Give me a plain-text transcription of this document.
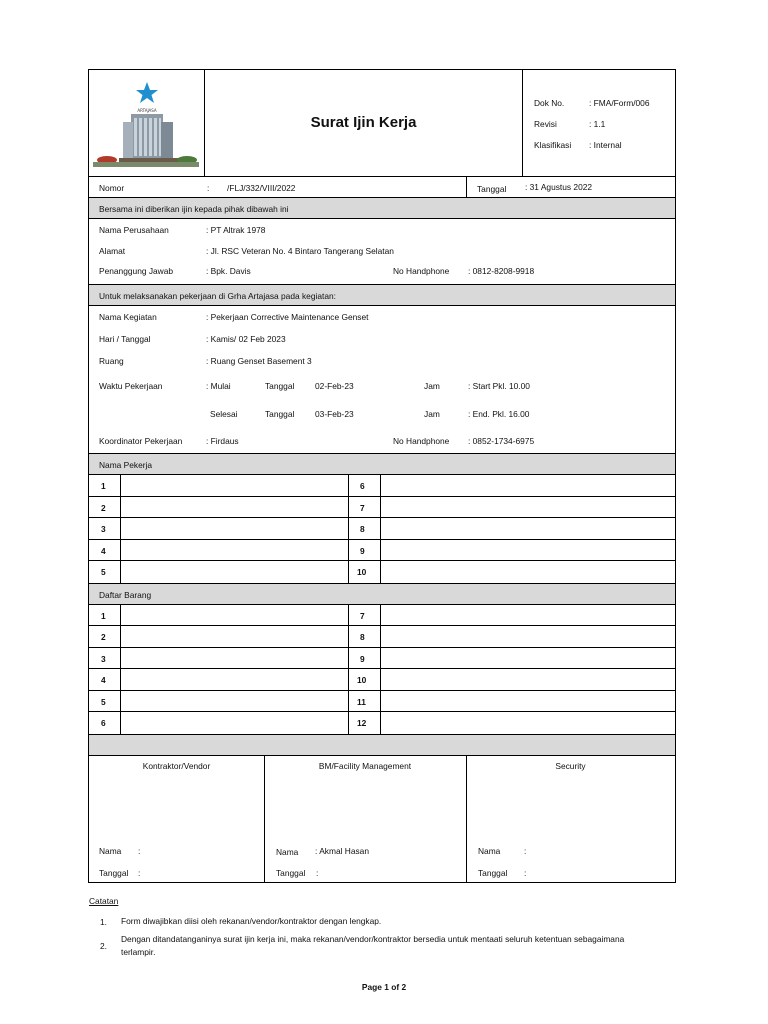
ARTAJASA
Surat Ijin Kerja
Dok No.	: FMA/Form/006
Revisi	: 1.1
Klasifikasi : Internal
Nomor	: /FLJ/332/VIII/2022	Tanggal : 31 Agustus 2022
Bersama ini diberikan ijin kepada pihak dibawah ini
Nama Perusahaan	: PT Altrak 1978
Alamat	: Jl. RSC Veteran No. 4 Bintaro Tangerang Selatan
Penanggung Jawab	: Bpk. Davis	No Handphone : 0812-8208-9918
Untuk melaksanakan pekerjaan di Grha Artajasa pada kegiatan:
Nama Kegiatan	: Pekerjaan Corrective Maintenance Genset
Hari / Tanggal	: Kamis/ 02 Feb 2023
Ruang	: Ruang Genset Basement 3
Waktu Pekerjaan	: Mulai	Tanggal 02-Feb-23	Jam	: Start Pkl. 10.00
Selesai	Tanggal 03-Feb-23	Jam	: End. Pkl. 16.00
Koordinator Pekerjaan	: Firdaus	No Handphone : 0852-1734-6975
Nama Pekerja
1	6
2	7
3	8
4	9
5	10
Daftar Barang
1	7
2	8
3	9
4	10
5	11
6	12
Kontraktor/Vendor
Nama :
Tanggal :
BM/Facility Management
Nama : Akmal Hasan
Tanggal :
Security
Nama	:
Tanggal :
Catatan
1. Form diwajibkan diisi oleh rekanan/vendor/kontraktor dengan lengkap.
2.
Dengan ditandatanganinya surat ijin kerja ini, maka rekanan/vendor/kontraktor bersedia untuk mentaati seluruh ketentuan sebagaimana
terlampir.
Page 1 of 2
